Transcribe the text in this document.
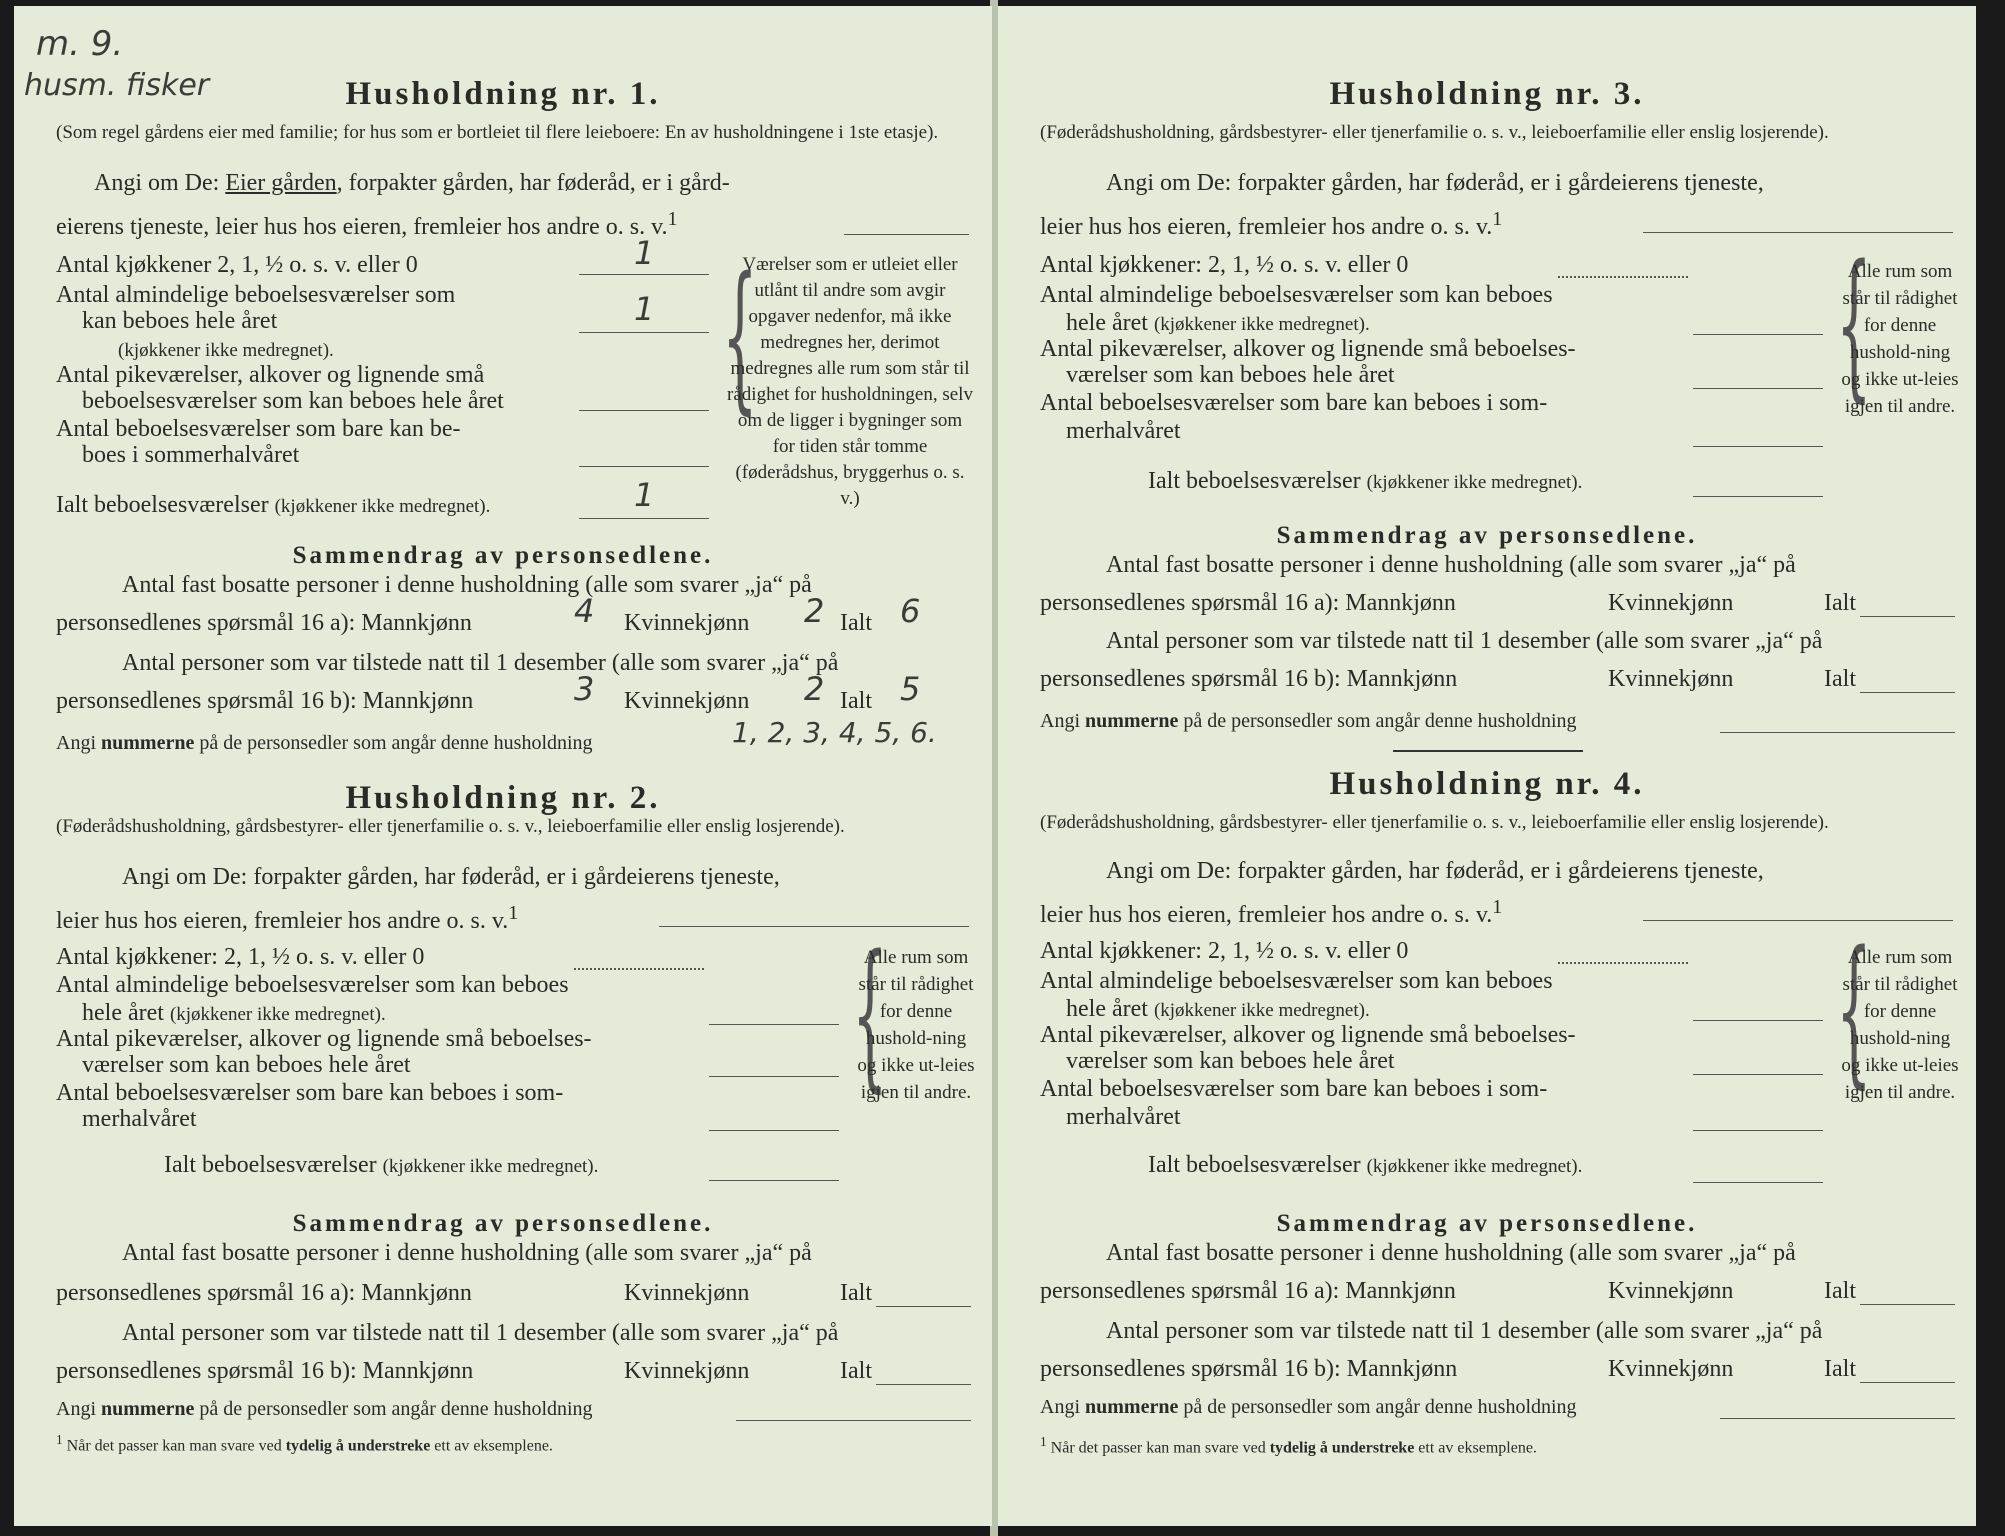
m. 9.
husm. fisker	Husholdning nr. 1.
(Som regel gårdens eier med familie; for hus som er bortleiet til flere leieboere: En av husholdningene i 1ste etasje).
Angi om De: Eier gården, forpakter gården, har føderåd, er i gård-
eierens tjeneste, leier hus hos eieren, fremleier hos andre o. s. v.$^1$
Antal kjøkkener 2, 1, ½ o. s. v. eller 0	1
Antal almindelige beboelsesværelser som
kan beboes hele året	1
(kjøkkener ikke medregnet).
Antal pikeværelser, alkover og lignende små
beboelsesværelser som kan beboes hele året
Antal beboelsesværelser som bare kan be-
boes i sommerhalvåret
Ialt beboelsesværelser (kjøkkener ikke medregnet).	1
{
Værelser som er utleiet eller utlånt til andre som avgir opgaver nedenfor, må ikke medregnes her, derimot medregnes alle rum som står til rådighet for husholdningen, selv om de ligger i bygninger som for tiden står tomme (føderådshus, bryggerhus o. s. v.)
Sammendrag av personsedlene.
Antal fast bosatte personer i denne husholdning (alle som svarer „ja“ på
personsedlenes spørsmål 16 a): Mannkjønn	4 Kvinnekjønn 2 Ialt 6
Antal personer som var tilstede natt til 1 desember (alle som svarer „ja“ på
personsedlenes spørsmål 16 b): Mannkjønn	3 Kvinnekjønn 2 Ialt 5
Angi nummerne på de personsedler som angår denne husholdning	1, 2, 3, 4, 5, 6.
Husholdning nr. 2.
(Føderådshusholdning, gårdsbestyrer- eller tjenerfamilie o. s. v., leieboerfamilie eller enslig losjerende).
Angi om De: forpakter gården, har føderåd, er i gårdeierens tjeneste,
leier hus hos eieren, fremleier hos andre o. s. v.$^1$
Antal kjøkkener: 2, 1, ½ o. s. v. eller 0
Antal almindelige beboelsesværelser som kan beboes
hele året (kjøkkener ikke medregnet).
Antal pikeværelser, alkover og lignende små beboelses-
værelser som kan beboes hele året
Antal beboelsesværelser som bare kan beboes i som-
merhalvåret
Ialt beboelsesværelser (kjøkkener ikke medregnet).
{
Alle rum som står til rådighet for denne hushold-ning og ikke ut-leies igjen til andre.
Sammendrag av personsedlene.
Antal fast bosatte personer i denne husholdning (alle som svarer „ja“ på
personsedlenes spørsmål 16 a): Mannkjønn	Kvinnekjønn	Ialt
Antal personer som var tilstede natt til 1 desember (alle som svarer „ja“ på
personsedlenes spørsmål 16 b): Mannkjønn	Kvinnekjønn	Ialt
Angi nummerne på de personsedler som angår denne husholdning
$^1$ Når det passer kan man svare ved tydelig å understreke ett av eksemplene.
Husholdning nr. 3.
(Føderådshusholdning, gårdsbestyrer- eller tjenerfamilie o. s. v., leieboerfamilie eller enslig losjerende).
Angi om De: forpakter gården, har føderåd, er i gårdeierens tjeneste,
leier hus hos eieren, fremleier hos andre o. s. v.$^1$
Antal kjøkkener: 2, 1, ½ o. s. v. eller 0
Antal almindelige beboelsesværelser som kan beboes
hele året (kjøkkener ikke medregnet).
Antal pikeværelser, alkover og lignende små beboelses-
værelser som kan beboes hele året
Antal beboelsesværelser som bare kan beboes i som-
merhalvåret
Ialt beboelsesværelser (kjøkkener ikke medregnet).
{
Alle rum som står til rådighet for denne hushold-ning og ikke ut-leies igjen til andre.
Sammendrag av personsedlene.
Antal fast bosatte personer i denne husholdning (alle som svarer „ja“ på
personsedlenes spørsmål 16 a): Mannkjønn	Kvinnekjønn	Ialt
Antal personer som var tilstede natt til 1 desember (alle som svarer „ja“ på
personsedlenes spørsmål 16 b): Mannkjønn	Kvinnekjønn	Ialt
Angi nummerne på de personsedler som angår denne husholdning
Husholdning nr. 4.
(Føderådshusholdning, gårdsbestyrer- eller tjenerfamilie o. s. v., leieboerfamilie eller enslig losjerende).
Angi om De: forpakter gården, har føderåd, er i gårdeierens tjeneste,
leier hus hos eieren, fremleier hos andre o. s. v.$^1$
Antal kjøkkener: 2, 1, ½ o. s. v. eller 0
Antal almindelige beboelsesværelser som kan beboes
hele året (kjøkkener ikke medregnet).
Antal pikeværelser, alkover og lignende små beboelses-
værelser som kan beboes hele året
Antal beboelsesværelser som bare kan beboes i som-
merhalvåret
Ialt beboelsesværelser (kjøkkener ikke medregnet).
{
Alle rum som står til rådighet for denne hushold-ning og ikke ut-leies igjen til andre.
Sammendrag av personsedlene.
Antal fast bosatte personer i denne husholdning (alle som svarer „ja“ på
personsedlenes spørsmål 16 a): Mannkjønn	Kvinnekjønn	Ialt
Antal personer som var tilstede natt til 1 desember (alle som svarer „ja“ på
personsedlenes spørsmål 16 b): Mannkjønn	Kvinnekjønn	Ialt
Angi nummerne på de personsedler som angår denne husholdning
$^1$ Når det passer kan man svare ved tydelig å understreke ett av eksemplene.
